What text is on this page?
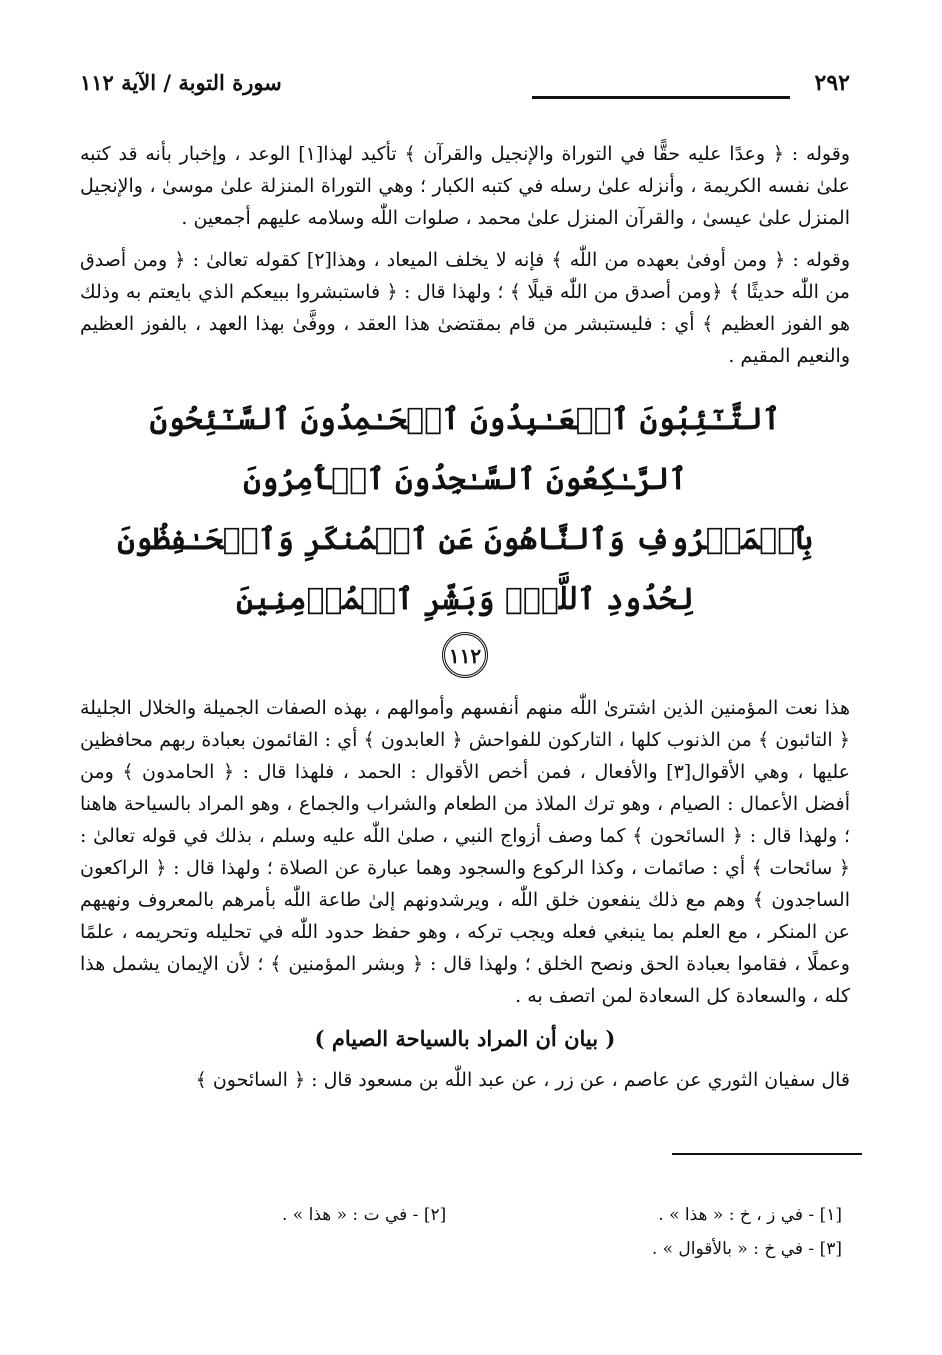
٢٩٢
سورة التوبة / الآية ١١٢

وقوله : ﴿ وعدًا عليه حقًّا في التوراة والإنجيل والقرآن ﴾ تأكيد لهذا[١] الوعد ، وإخبار بأنه قد كتبه علىٰ نفسه الكريمة ، وأنزله علىٰ رسله في كتبه الكبار ؛ وهي التوراة المنزلة علىٰ موسىٰ ، والإنجيل المنزل علىٰ عيسىٰ ، والقرآن المنزل علىٰ محمد ، صلوات اللّٰه وسلامه عليهم أجمعين .

وقوله : ﴿ ومن أوفىٰ بعهده من اللّٰه ﴾ فإنه لا يخلف الميعاد ، وهذا[٢] كقوله تعالىٰ : ﴿ ومن أصدق من اللّٰه حديثًا ﴾ ﴿ومن أصدق من اللّٰه قيلًا ﴾ ؛ ولهذا قال : ﴿ فاستبشروا ببيعكم الذي بايعتم به وذلك هو الفوز العظيم ﴾ أي : فليستبشر من قام بمقتضىٰ هذا العقد ، ووفَّىٰ بهذا العهد ، بالفوز العظيم والنعيم المقيم .

ٱلتَّـٰٓئِبُونَ ٱلۡعَـٰبِدُونَ ٱلۡحَـٰمِدُونَ ٱلسَّـٰٓئِحُونَ ٱلرَّـٰكِعُونَ ٱلسَّـٰجِدُونَ ٱلۡأٓمِرُونَ
بِٱلۡمَعۡرُوفِ وَٱلنَّاهُونَ عَنِ ٱلۡمُنكَرِ وَٱلۡحَـٰفِظُونَ لِحُدُودِ ٱللَّهِۗ وَبَشِّرِ ٱلۡمُؤۡمِنِينَ
١١٢

هذا نعت المؤمنين الذين اشترىٰ اللّٰه منهم أنفسهم وأموالهم ، بهذه الصفات الجميلة والخلال الجليلة ﴿ التائبون ﴾ من الذنوب كلها ، التاركون للفواحش ﴿ العابدون ﴾ أي : القائمون بعبادة ربهم محافظين عليها ، وهي الأقوال[٣] والأفعال ، فمن أخص الأقوال : الحمد ، فلهذا قال : ﴿ الحامدون ﴾ ومن أفضل الأعمال : الصيام ، وهو ترك الملاذ من الطعام والشراب والجماع ، وهو المراد بالسياحة هاهنا ؛ ولهذا قال : ﴿ السائحون ﴾ كما وصف أزواج النبي ، صلىٰ اللّٰه عليه وسلم ، بذلك في قوله تعالىٰ : ﴿ سائحات ﴾ أي : صائمات ، وكذا الركوع والسجود وهما عبارة عن الصلاة ؛ ولهذا قال : ﴿ الراكعون الساجدون ﴾ وهم مع ذلك ينفعون خلق اللّٰه ، ويرشدونهم إلىٰ طاعة اللّٰه بأمرهم بالمعروف ونهيهم عن المنكر ، مع العلم بما ينبغي فعله ويجب تركه ، وهو حفظ حدود اللّٰه في تحليله وتحريمه ، علمًا وعملًا ، فقاموا بعبادة الحق ونصح الخلق ؛ ولهذا قال : ﴿ وبشر المؤمنين ﴾ ؛ لأن الإيمان يشمل هذا كله ، والسعادة كل السعادة لمن اتصف به .

( بيان أن المراد بالسياحة الصيام )

قال سفيان الثوري عن عاصم ، عن زر ، عن عبد اللّٰه بن مسعود قال : ﴿ السائحون ﴾

[١] - في ز ، خ : « هذا » .
[٢] - في ت : « هذا » .
[٣] - في خ : « بالأقوال » .
